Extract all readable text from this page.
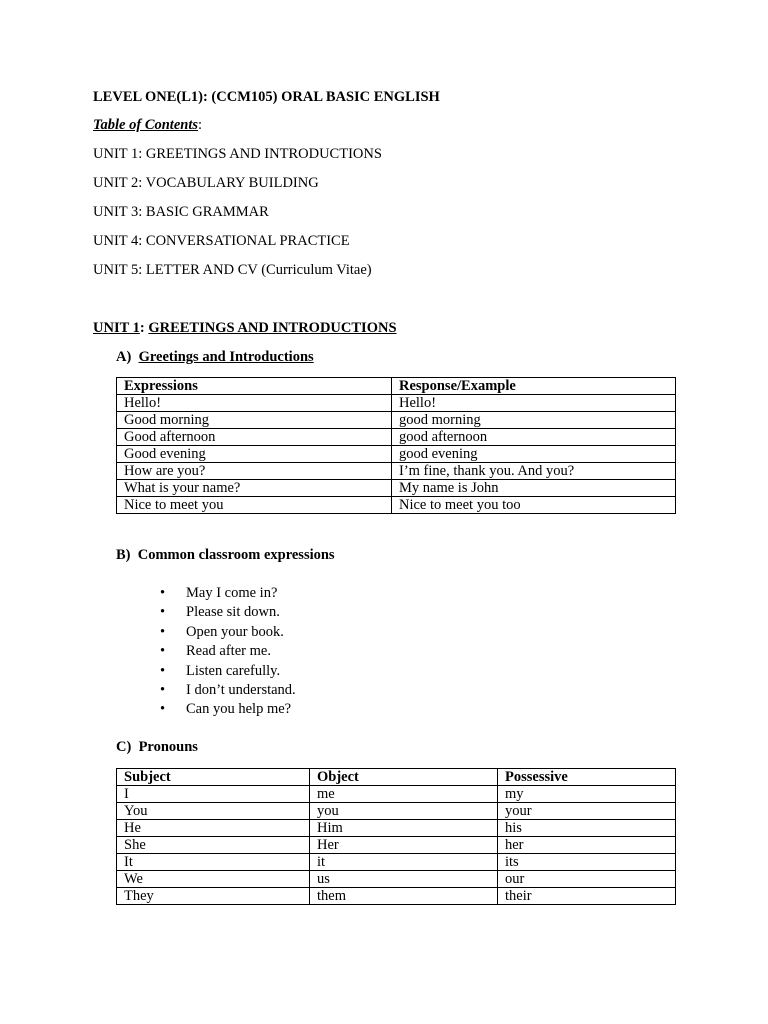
LEVEL ONE(L1): (CCM105) ORAL BASIC ENGLISH
Table of Contents:
UNIT 1: GREETINGS AND INTRODUCTIONS
UNIT 2: VOCABULARY BUILDING
UNIT 3: BASIC GRAMMAR
UNIT 4: CONVERSATIONAL PRACTICE
UNIT 5: LETTER AND CV (Curriculum Vitae)
UNIT 1: GREETINGS AND INTRODUCTIONS
A) Greetings and Introductions
Expressions	Response/Example
Hello!	Hello!
Good morning	good morning
Good afternoon	good afternoon
Good evening	good evening
How are you?	I’m fine, thank you. And you?
What is your name?	My name is John
Nice to meet you	Nice to meet you too
B) Common classroom expressions
• May I come in?
• Please sit down.
• Open your book.
• Read after me.
• Listen carefully.
• I don’t understand.
• Can you help me?
C) Pronouns
Subject	Object	Possessive
I	me	my
You	you	your
He	Him	his
She	Her	her
It	it	its
We	us	our
They	them	their
